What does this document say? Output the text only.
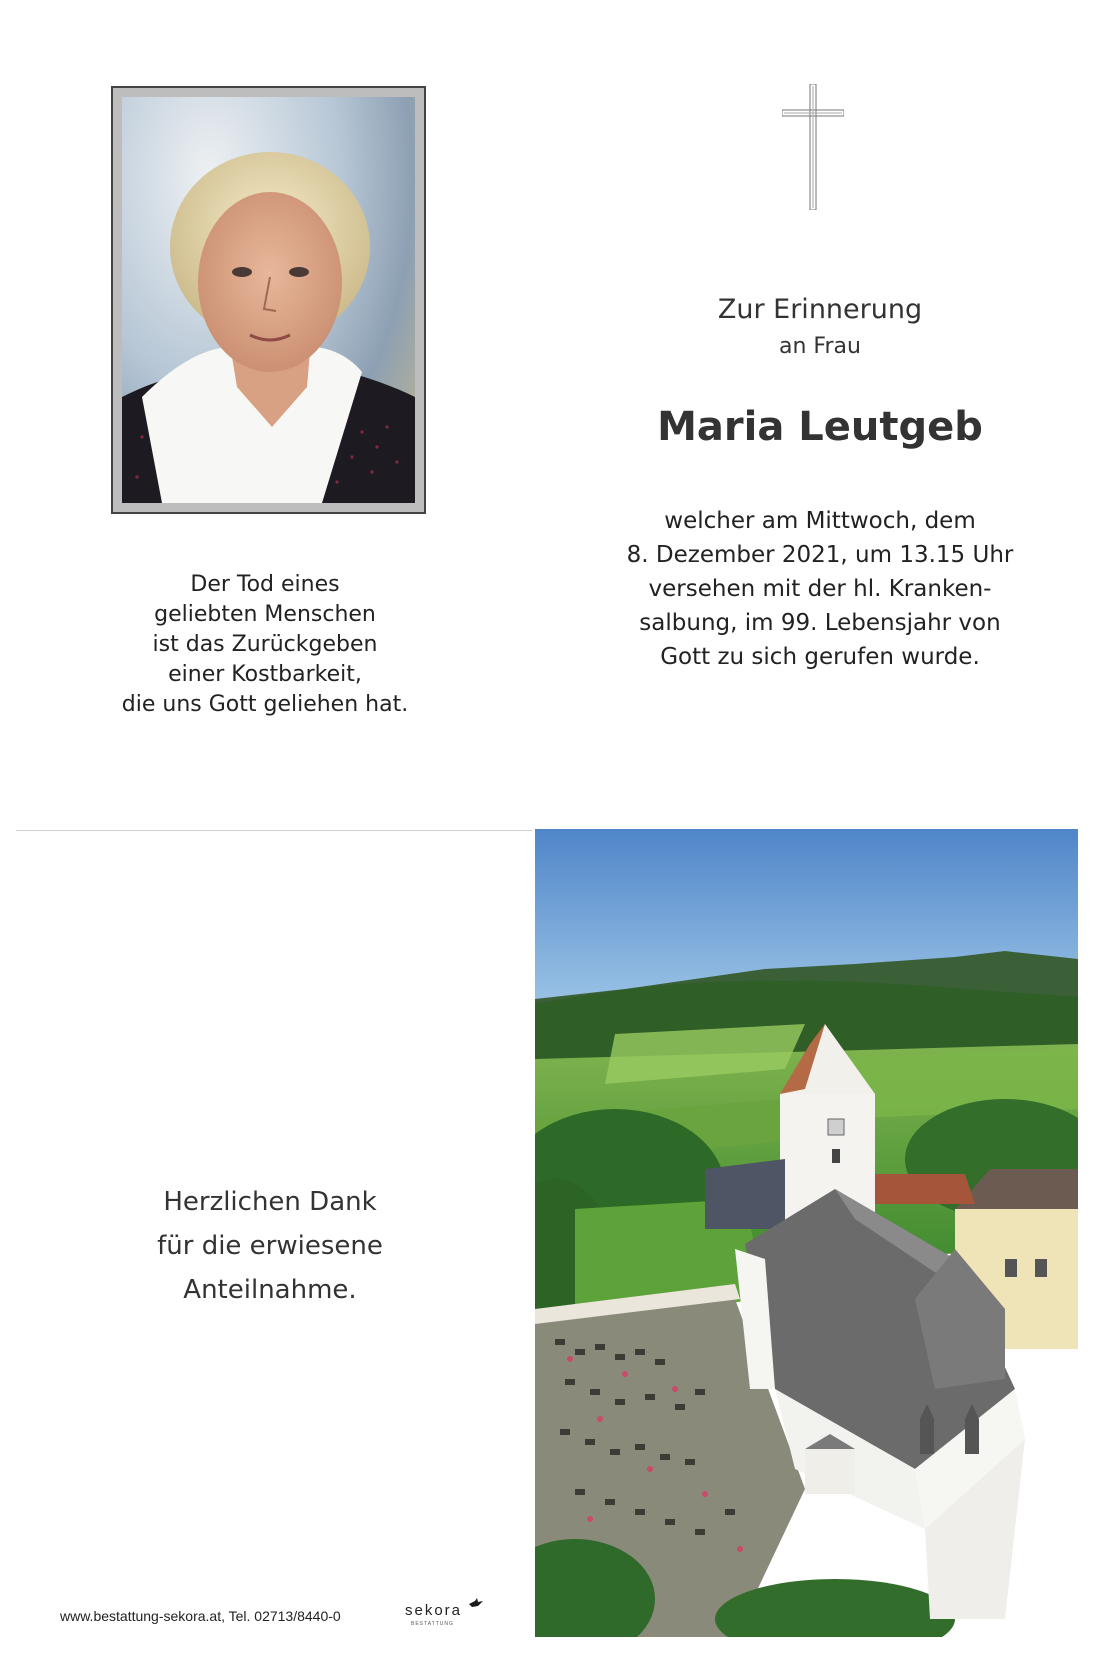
Der Tod eines
geliebten Menschen
ist das Zurückgeben
einer Kostbarkeit,
die uns Gott geliehen hat.
Zur Erinnerung
an Frau
Maria Leutgeb
welcher am Mittwoch, dem
8. Dezember 2021, um 13.15 Uhr
versehen mit der hl. Kranken-
salbung, im 99. Lebensjahr von
Gott zu sich gerufen wurde.
Herzlichen Dank
für die erwiesene
Anteilnahme.
www.bestattung-sekora.at, Tel. 02713/8440-0	sekora
BESTATTUNG
